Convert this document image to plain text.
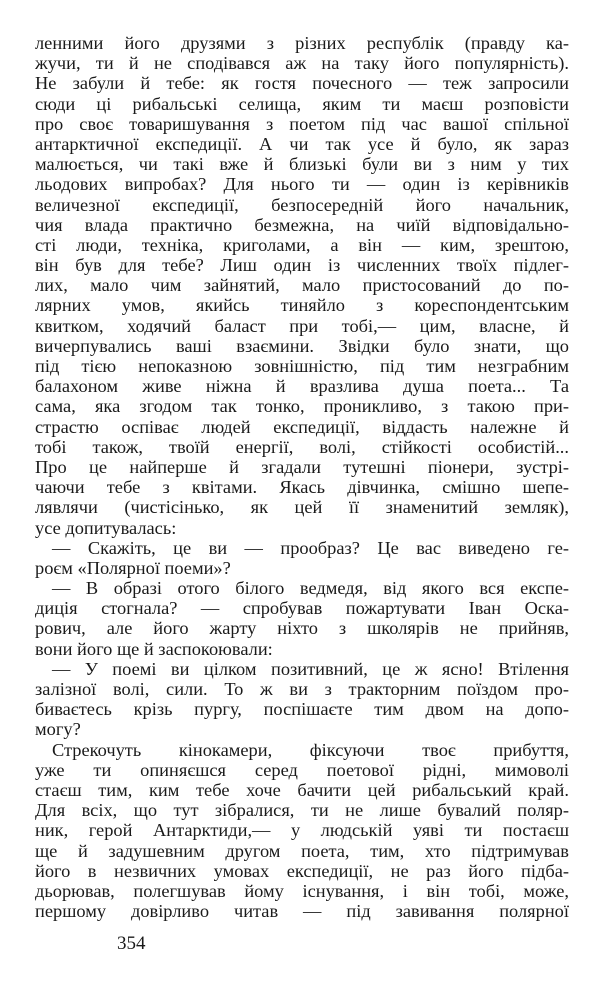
ленними його друзями з різних республік (правду ка-
жучи, ти й не сподівався аж на таку його популярність).
Не забули й тебе: як гостя почесного — теж запросили
сюди ці рибальські селища, яким ти маєш розповісти
про своє товаришування з поетом під час вашої спільної
антарктичної експедиції. А чи так усе й було, як зараз
малюється, чи такі вже й близькі були ви з ним у тих
льодових випробах? Для нього ти — один із керівників
величезної експедиції, безпосередній його начальник,
чия влада практично безмежна, на чиїй відповідально-
сті люди, техніка, криголами, а він — ким, зрештою,
він був для тебе? Лиш один із численних твоїх підлег-
лих, мало чим зайнятий, мало пристосований до по-
лярних умов, якийсь тиняйло з кореспондентським
квитком, ходячий баласт при тобі,— цим, власне, й
вичерпувались ваші взаємини. Звідки було знати, що
під тією непоказною зовнішністю, під тим незграбним
балахоном живе ніжна й вразлива душа поета... Та
сама, яка згодом так тонко, проникливо, з такою при-
страстю оспіває людей експедиції, віддасть належне й
тобі також, твоїй енергії, волі, стійкості особистій...
Про це найперше й згадали тутешні піонери, зустрі-
чаючи тебе з квітами. Якась дівчинка, смішно шепе-
лявлячи (чистісінько, як цей її знаменитий земляк),
усе допитувалась:
— Скажіть, це ви — прообраз? Це вас виведено ге-
роєм «Полярної поеми»?
— В образі отого білого ведмедя, від якого вся експе-
диція стогнала? — спробував пожартувати Іван Оска-
рович, але його жарту ніхто з школярів не прийняв,
вони його ще й заспокоювали:
— У поемі ви цілком позитивний, це ж ясно! Втілення
залізної волі, сили. То ж ви з тракторним поїздом про-
биваєтесь крізь пургу, поспішаєте тим двом на допо-
могу?
Стрекочуть кінокамери, фіксуючи твоє прибуття,
уже ти опиняєшся серед поетової рідні, мимоволі
стаєш тим, ким тебе хоче бачити цей рибальський край.
Для всіх, що тут зібралися, ти не лише бувалий поляр-
ник, герой Антарктиди,— у людській уяві ти постаєш
ще й задушевним другом поета, тим, хто підтримував
його в незвичних умовах експедиції, не раз його підба-
дьорював, полегшував йому існування, і він тобі, може,
першому довірливо читав — під завивання полярної
354
